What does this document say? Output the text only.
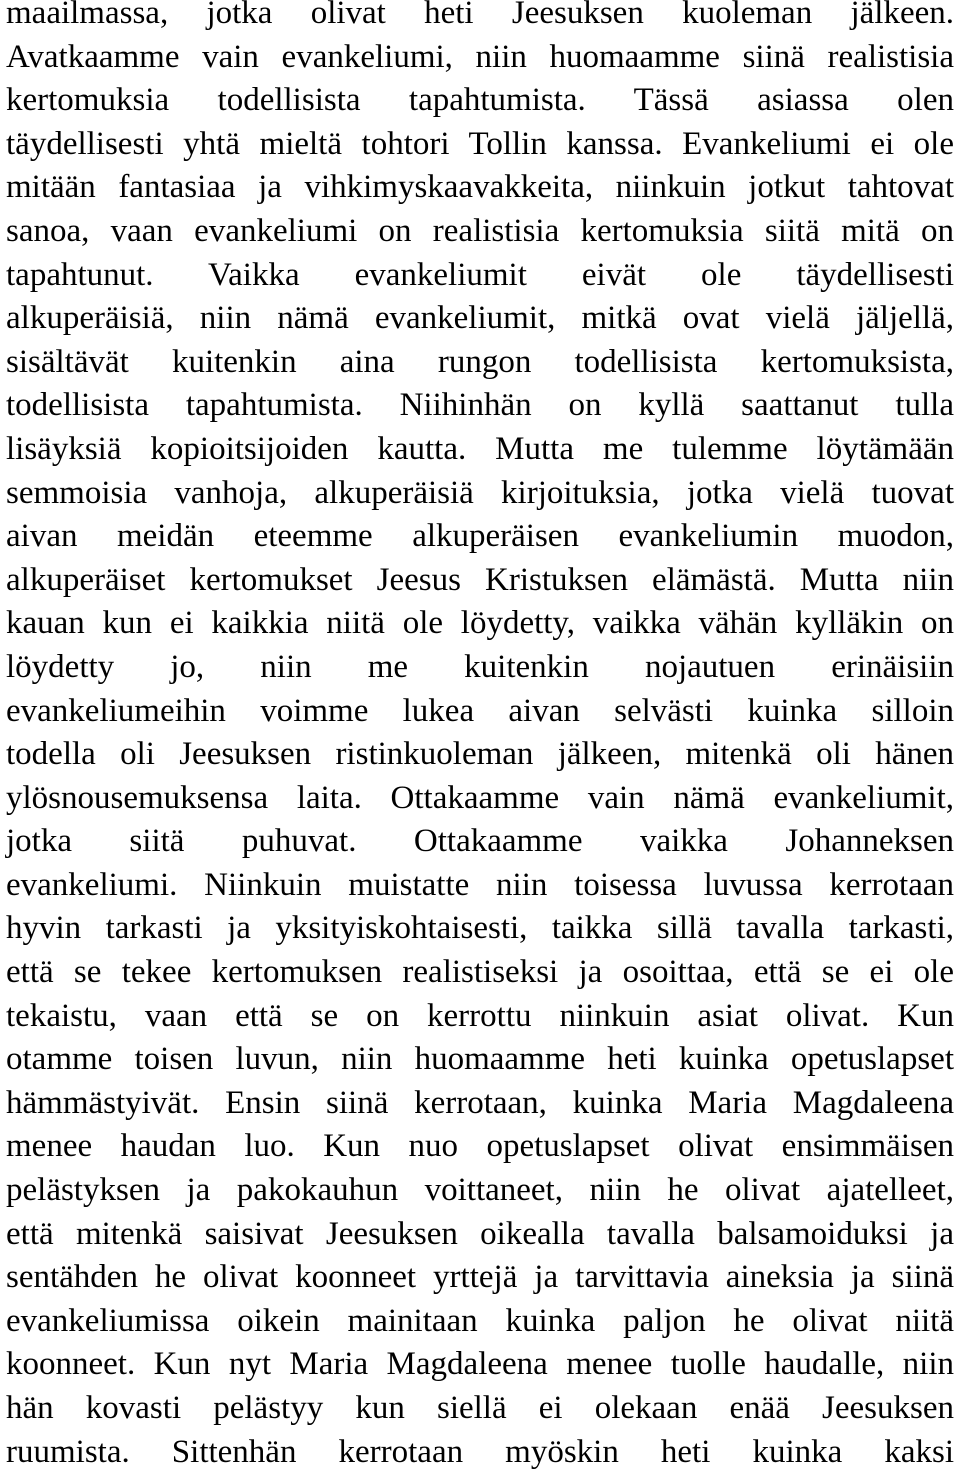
maailmassa, jotka olivat heti Jeesuksen kuoleman jälkeen.
Avatkaamme vain evankeliumi, niin huomaamme siinä realistisia
kertomuksia todellisista tapahtumista. Tässä asiassa olen
täydellisesti yhtä mieltä tohtori Tollin kanssa. Evankeliumi ei ole
mitään fantasiaa ja vihkimyskaavakkeita, niinkuin jotkut tahtovat
sanoa, vaan evankeliumi on realistisia kertomuksia siitä mitä on
tapahtunut. Vaikka evankeliumit eivät ole täydellisesti
alkuperäisiä, niin nämä evankeliumit, mitkä ovat vielä jäljellä,
sisältävät kuitenkin aina rungon todellisista kertomuksista,
todellisista tapahtumista. Niihinhän on kyllä saattanut tulla
lisäyksiä kopioitsijoiden kautta. Mutta me tulemme löytämään
semmoisia vanhoja, alkuperäisiä kirjoituksia, jotka vielä tuovat
aivan meidän eteemme alkuperäisen evankeliumin muodon,
alkuperäiset kertomukset Jeesus Kristuksen elämästä. Mutta niin
kauan kun ei kaikkia niitä ole löydetty, vaikka vähän kylläkin on
löydetty jo, niin me kuitenkin nojautuen erinäisiin
evankeliumeihin voimme lukea aivan selvästi kuinka silloin
todella oli Jeesuksen ristinkuoleman jälkeen, mitenkä oli hänen
ylösnousemuksensa laita. Ottakaamme vain nämä evankeliumit,
jotka siitä puhuvat. Ottakaamme vaikka Johanneksen
evankeliumi. Niinkuin muistatte niin toisessa luvussa kerrotaan
hyvin tarkasti ja yksityiskohtaisesti, taikka sillä tavalla tarkasti,
että se tekee kertomuksen realistiseksi ja osoittaa, että se ei ole
tekaistu, vaan että se on kerrottu niinkuin asiat olivat. Kun
otamme toisen luvun, niin huomaamme heti kuinka opetuslapset
hämmästyivät. Ensin siinä kerrotaan, kuinka Maria Magdaleena
menee haudan luo. Kun nuo opetuslapset olivat ensimmäisen
pelästyksen ja pakokauhun voittaneet, niin he olivat ajatelleet,
että mitenkä saisivat Jeesuksen oikealla tavalla balsamoiduksi ja
sentähden he olivat koonneet yrttejä ja tarvittavia aineksia ja siinä
evankeliumissa oikein mainitaan kuinka paljon he olivat niitä
koonneet. Kun nyt Maria Magdaleena menee tuolle haudalle, niin
hän kovasti pelästyy kun siellä ei olekaan enää Jeesuksen
ruumista. Sittenhän kerrotaan myöskin heti kuinka kaksi
